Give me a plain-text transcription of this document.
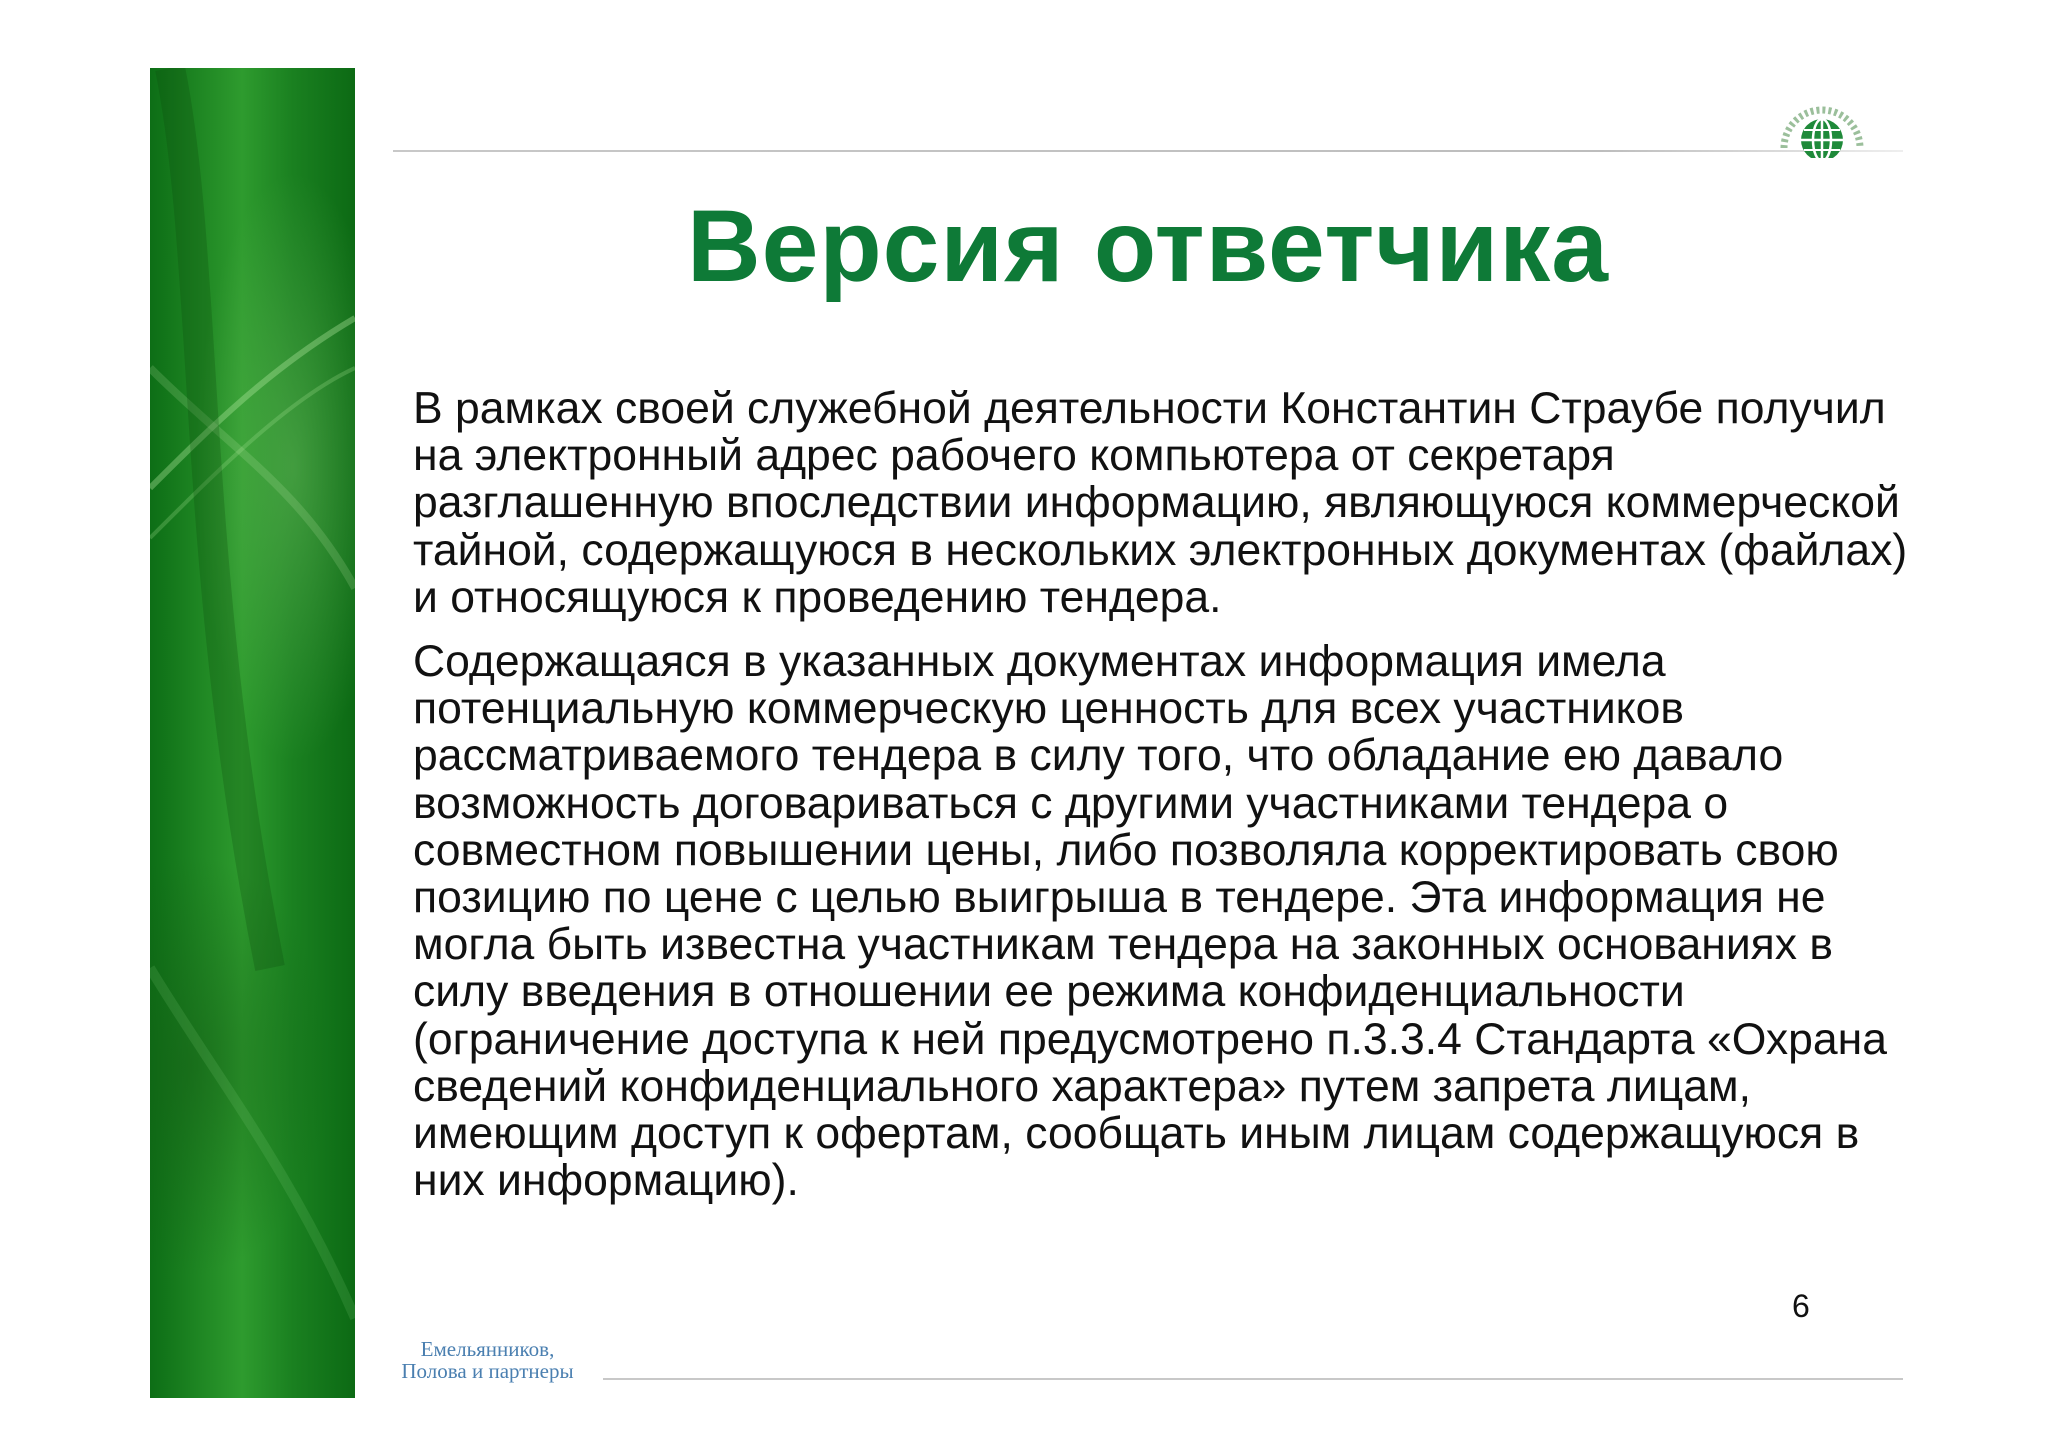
Версия ответчика

В рамках своей служебной деятельности Константин Страубе получил на электронный адрес рабочего компьютера от секретаря разглашенную впоследствии информацию, являющуюся коммерческой тайной, содержащуюся в нескольких электронных документах (файлах) и относящуюся к проведению тендера.

Содержащаяся в указанных документах информация имела потенциальную коммерческую ценность для всех участников рассматриваемого тендера в силу того, что обладание ею давало возможность договариваться с другими участниками тендера о совместном повышении цены, либо позволяла корректировать свою позицию по цене с целью выигрыша в тендере. Эта информация не могла быть известна участникам тендера на законных основаниях в силу введения в отношении ее режима конфиденциальности (ограничение доступа к ней предусмотрено п.3.3.4 Стандарта «Охрана сведений конфиденциального характера» путем запрета лицам, имеющим доступ к офертам, сообщать иным лицам содержащуюся в них информацию).

6
Емельянников,
Полова и партнеры
